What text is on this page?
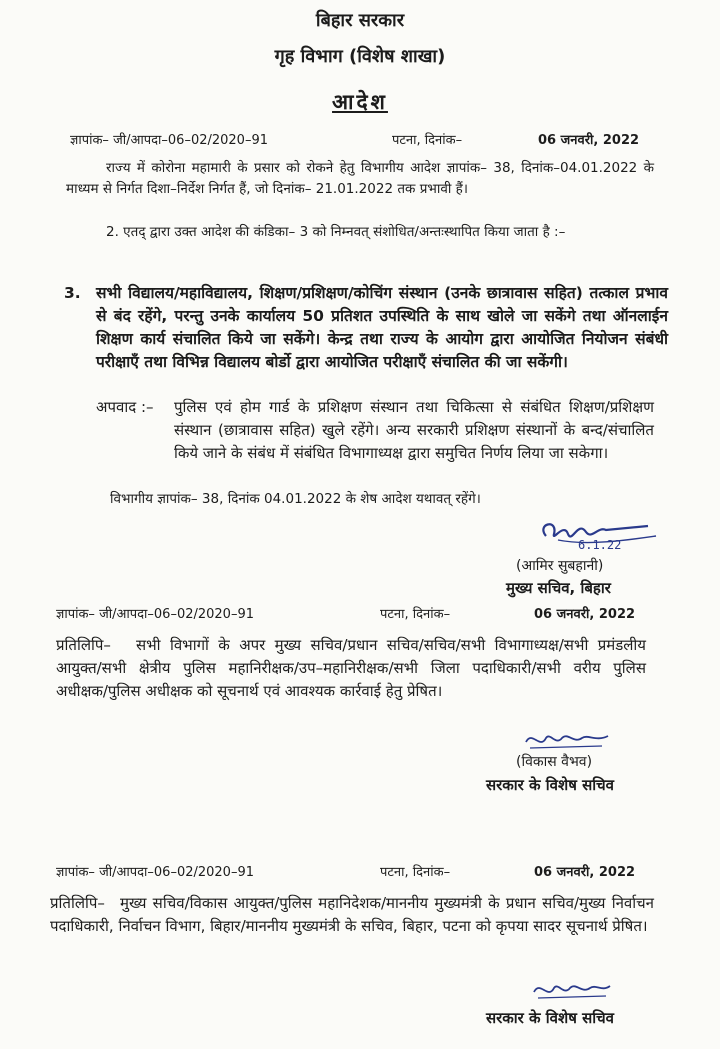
बिहार सरकार
गृह विभाग (विशेष शाखा)
आदेश
ज्ञापांक– जी/आपदा–06–02/2020–91	पटना, दिनांक–	06 जनवरी, 2022
राज्य में कोरोना महामारी के प्रसार को रोकने हेतु विभागीय आदेश ज्ञापांक– 38, दिनांक–04.01.2022 के माध्यम से निर्गत दिशा–निर्देश निर्गत हैं, जो दिनांक– 21.01.2022 तक प्रभावी हैं।
2. एतद् द्वारा उक्त आदेश की कंडिका– 3 को निम्नवत् संशोधित/अन्तःस्थापित किया जाता है :–
3. सभी विद्यालय/महाविद्यालय, शिक्षण/प्रशिक्षण/कोचिंग संस्थान (उनके छात्रावास सहित) तत्काल प्रभाव से बंद रहेंगे, परन्तु उनके कार्यालय 50 प्रतिशत उपस्थिति के साथ खोले जा सकेंगे तथा ऑनलाईन शिक्षण कार्य संचालित किये जा सकेंगे। केन्द्र तथा राज्य के आयोग द्वारा आयोजित नियोजन संबंधी परीक्षाएँ तथा विभिन्न विद्यालय बोर्डो द्वारा आयोजित परीक्षाएँ संचालित की जा सकेंगी।
अपवाद :– पुलिस एवं होम गार्ड के प्रशिक्षण संस्थान तथा चिकित्सा से संबंधित शिक्षण/प्रशिक्षण संस्थान (छात्रावास सहित) खुले रहेंगे। अन्य सरकारी प्रशिक्षण संस्थानों के बन्द/संचालित किये जाने के संबंध में संबंधित विभागाध्यक्ष द्वारा समुचित निर्णय लिया जा सकेगा।
विभागीय ज्ञापांक– 38, दिनांक 04.01.2022 के शेष आदेश यथावत् रहेंगे।
6.1.22
(आमिर सुबहानी)
मुख्य सचिव, बिहार
ज्ञापांक– जी/आपदा–06–02/2020–91	पटना, दिनांक–	06 जनवरी, 2022
प्रतिलिपि–	सभी विभागों के अपर मुख्य सचिव/प्रधान सचिव/सचिव/सभी विभागाध्यक्ष/सभी प्रमंडलीय आयुक्त/सभी क्षेत्रीय पुलिस महानिरीक्षक/उप–महानिरीक्षक/सभी जिला पदाधिकारी/सभी वरीय पुलिस अधीक्षक/पुलिस अधीक्षक को सूचनार्थ एवं आवश्यक कार्रवाई हेतु प्रेषित।
(विकास वैभव)
सरकार के विशेष सचिव
ज्ञापांक– जी/आपदा–06–02/2020–91	पटना, दिनांक–	06 जनवरी, 2022
प्रतिलिपि–	मुख्य सचिव/विकास आयुक्त/पुलिस महानिदेशक/माननीय मुख्यमंत्री के प्रधान सचिव/मुख्य निर्वाचन पदाधिकारी, निर्वाचन विभाग, बिहार/माननीय मुख्यमंत्री के सचिव, बिहार, पटना को कृपया सादर सूचनार्थ प्रेषित।
सरकार के विशेष सचिव
